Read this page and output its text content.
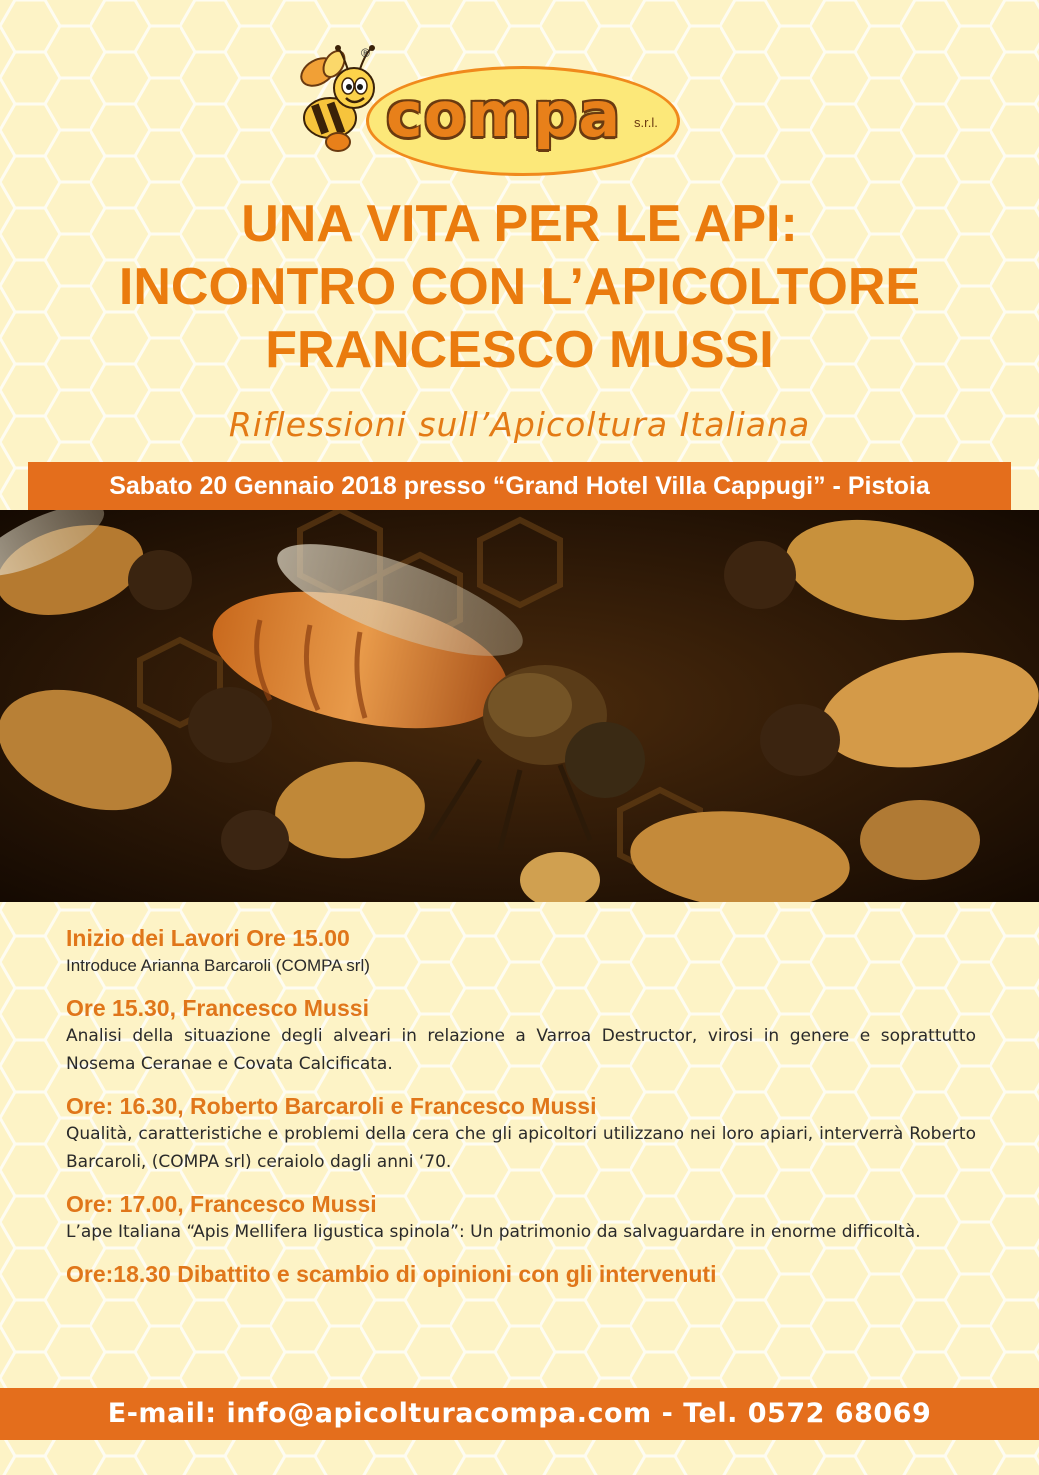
®
compa s.r.l.
UNA VITA PER LE API:
INCONTRO CON L’APICOLTORE
FRANCESCO MUSSI
Riflessioni sull’Apicoltura Italiana
Sabato 20 Gennaio 2018 presso “Grand Hotel Villa Cappugi” - Pistoia
Inizio dei Lavori Ore 15.00
Introduce Arianna Barcaroli (COMPA srl)
Ore 15.30, Francesco Mussi
Analisi della situazione degli alveari in relazione a Varroa Destructor, virosi in genere e soprattutto Nosema Ceranae e Covata Calcificata.
Ore: 16.30, Roberto Barcaroli e Francesco Mussi
Qualità, caratteristiche e problemi della cera che gli apicoltori utilizzano nei loro apiari, interverrà Roberto Barcaroli, (COMPA srl) ceraiolo dagli anni ‘70.
Ore: 17.00, Francesco Mussi
L’ape Italiana “Apis Mellifera ligustica spinola”: Un patrimonio da salvaguardare in enorme difficoltà.
Ore:18.30 Dibattito e scambio di opinioni con gli intervenuti
E-mail: info@apicolturacompa.com - Tel. 0572 68069
